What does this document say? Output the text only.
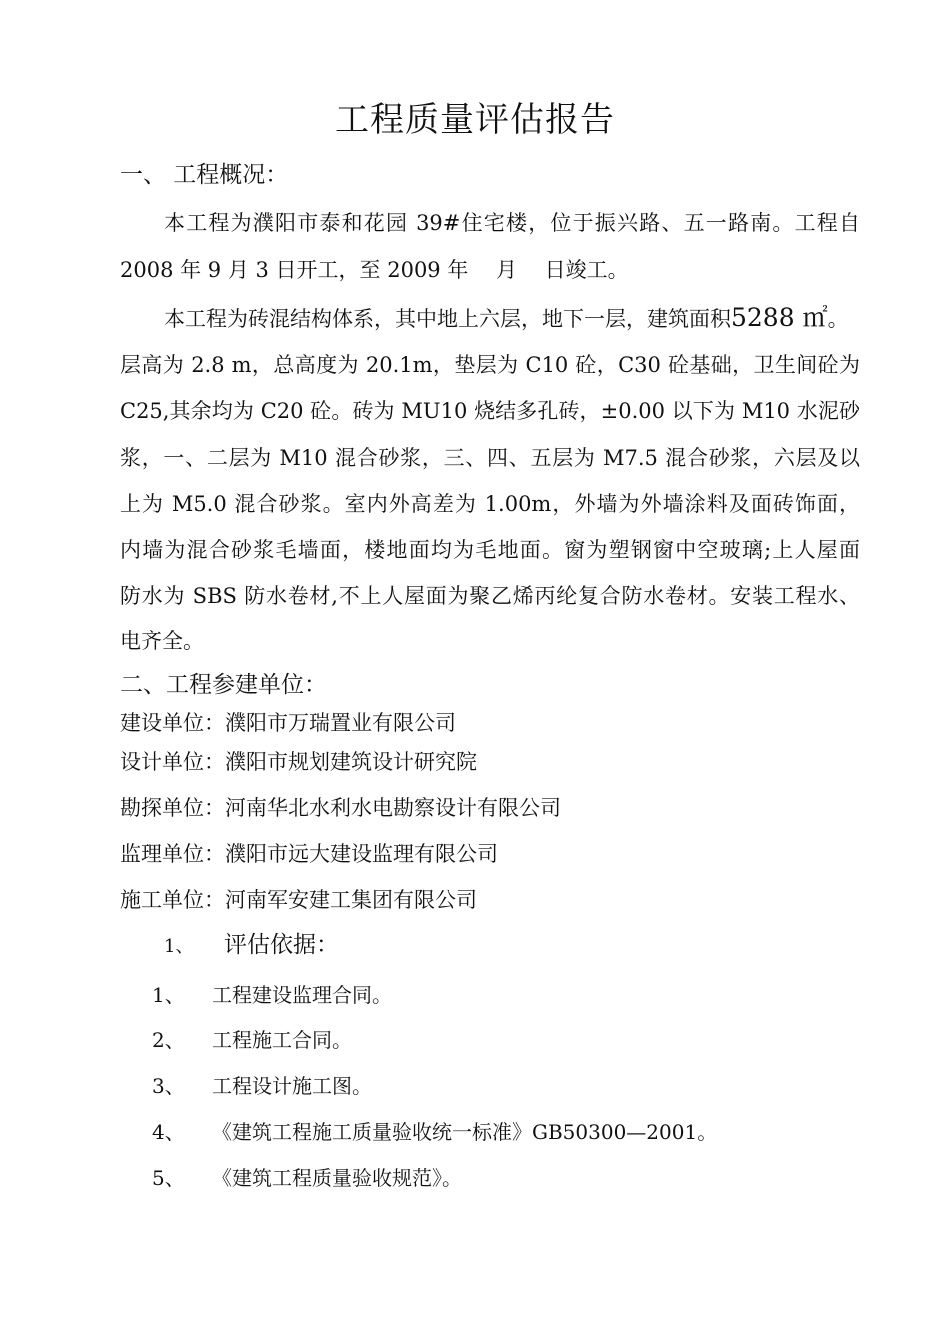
工程质量评估报告
一、 工程概况：
本工程为濮阳市泰和花园 39#住宅楼，位于振兴路、五一路南。工程自
2008 年 9 月 3 日开工，至 2009 年　 月　 日竣工。
本工程为砖混结构体系，其中地上六层，地下一层，建筑面积5288 ㎡。
层高为 2.8 m，总高度为 20.1m，垫层为 C10 砼，C30 砼基础，卫生间砼为
C25,其余均为 C20 砼。砖为 MU10 烧结多孔砖，±0.00 以下为 M10 水泥砂
浆，一、二层为 M10 混合砂浆，三、四、五层为 M7.5 混合砂浆，六层及以
上为 M5.0 混合砂浆。室内外高差为 1.00m，外墙为外墙涂料及面砖饰面，
内墙为混合砂浆毛墙面，楼地面均为毛地面。窗为塑钢窗中空玻璃;上人屋面
防水为 SBS 防水卷材,不上人屋面为聚乙烯丙纶复合防水卷材。安装工程水、
电齐全。
二、工程参建单位：
建设单位：濮阳市万瑞置业有限公司
设计单位：濮阳市规划建筑设计研究院
勘探单位：河南华北水利水电勘察设计有限公司
监理单位：濮阳市远大建设监理有限公司
施工单位：河南军安建工集团有限公司
1、 评估依据：
1、 工程建设监理合同。
2、 工程施工合同。
3、 工程设计施工图。
4、 《建筑工程施工质量验收统一标准》GB50300—2001。
5、 《建筑工程质量验收规范》。
